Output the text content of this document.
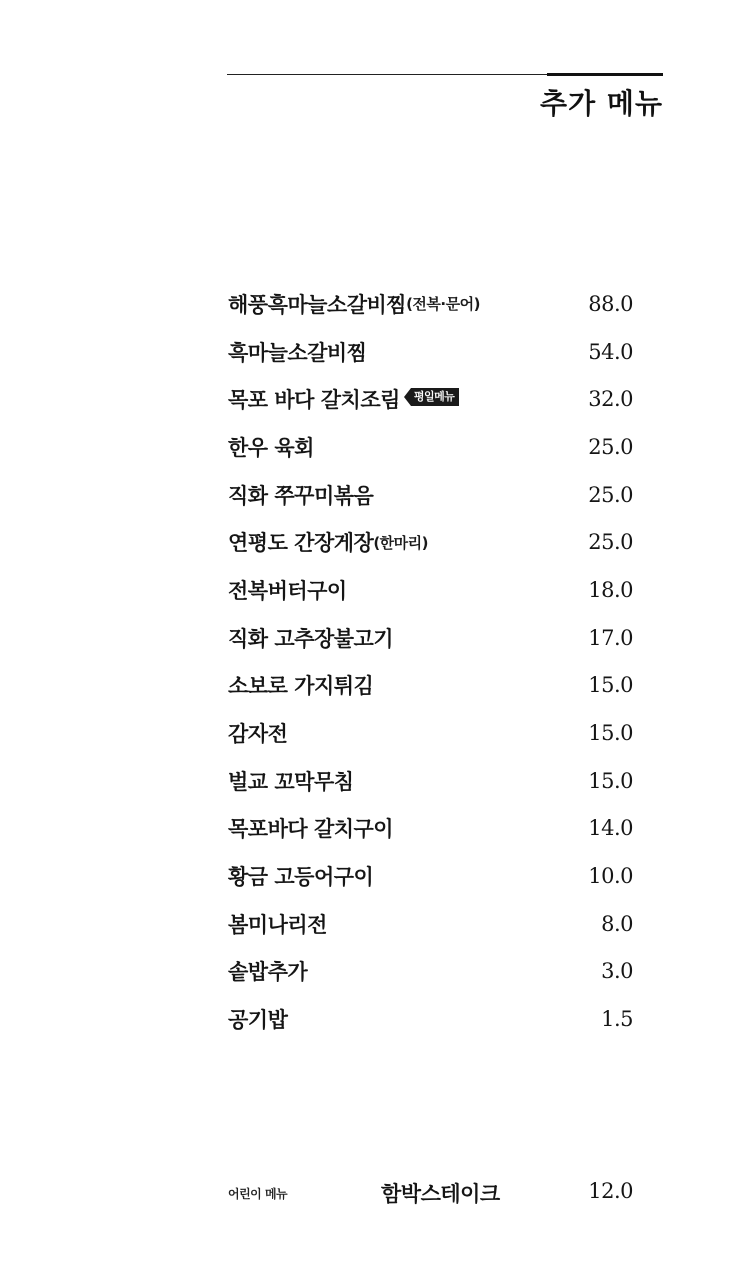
추가 메뉴
해풍흑마늘소갈비찜 (전복·문어)	88.0
흑마늘소갈비찜	54.0
목포 바다 갈치조림 평일메뉴	32.0
한우 육회	25.0
직화 쭈꾸미볶음	25.0
연평도 간장게장 (한마리)	25.0
전복버터구이	18.0
직화 고추장불고기	17.0
소보로 가지튀김	15.0
감자전	15.0
벌교 꼬막무침	15.0
목포바다 갈치구이	14.0
황금 고등어구이	10.0
봄미나리전	8.0
솥밥추가	3.0
공기밥	1.5
어린이 메뉴	함박스테이크	12.0
